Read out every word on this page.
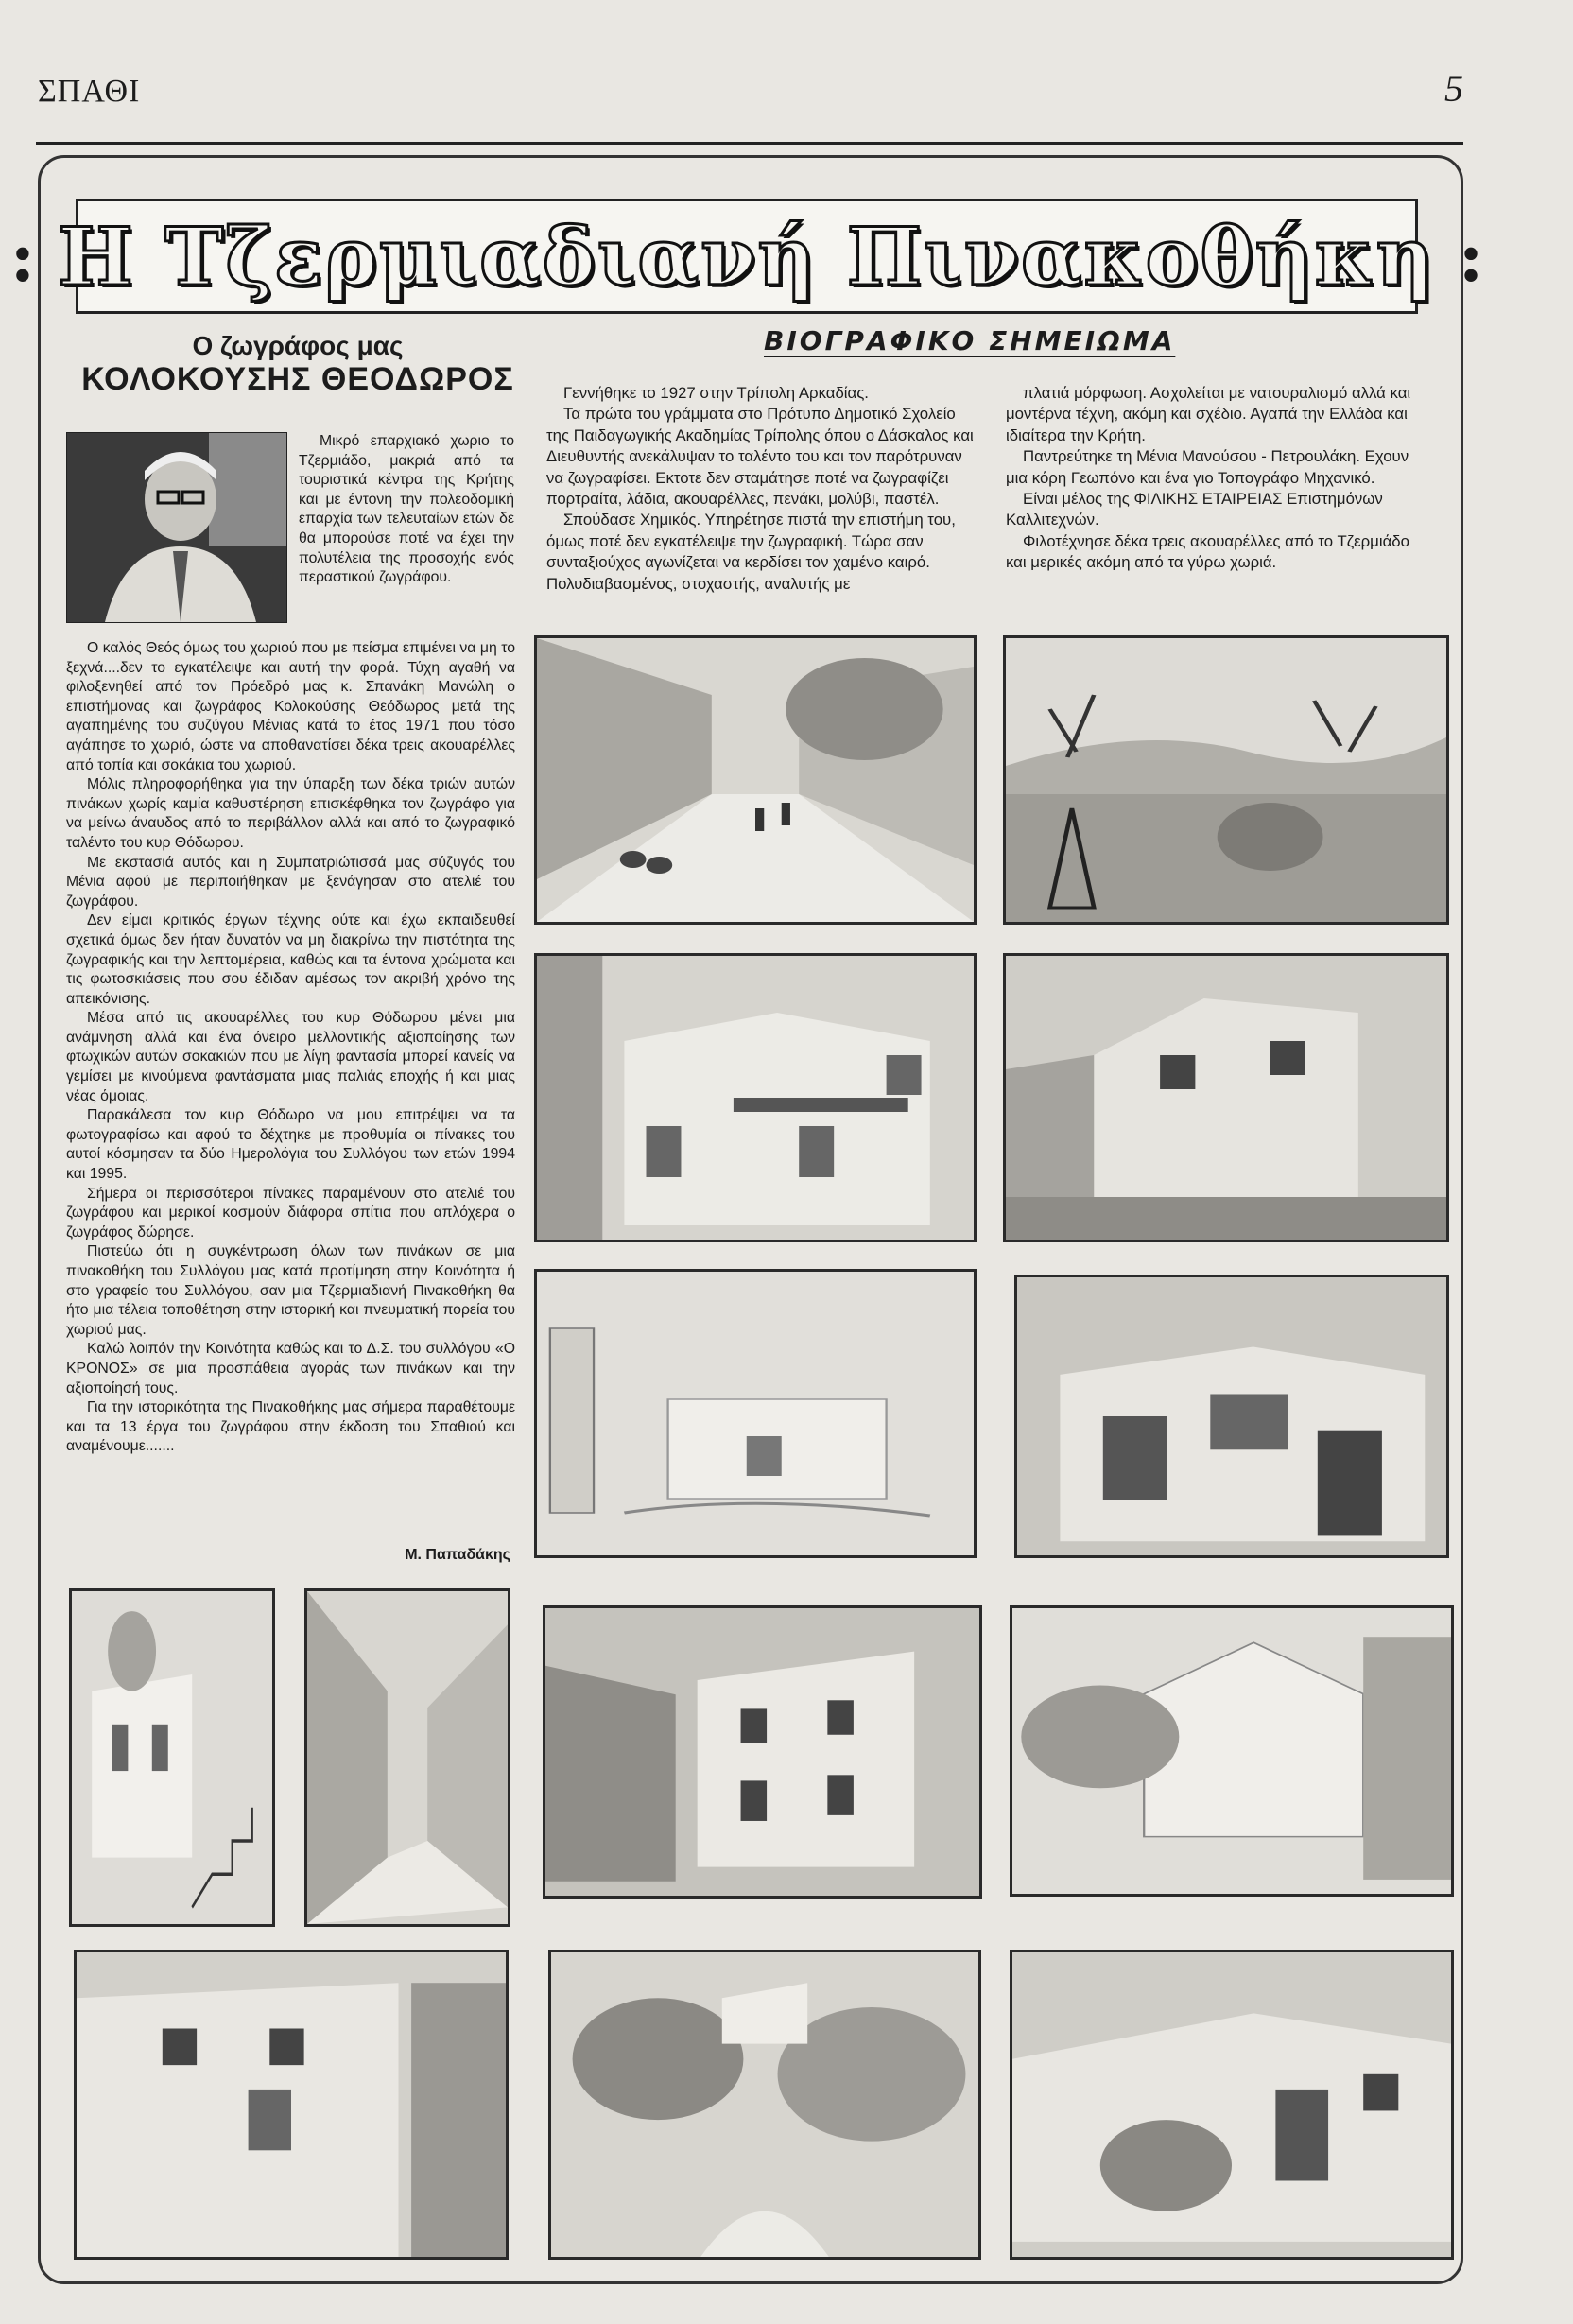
ΣΠΑΘΙ	5
: Η Τζερμιαδιανή Πινακοθήκη :
Ο ζωγράφος μας
ΚΟΛΟΚΟΥΣΗΣ ΘΕΟΔΩΡΟΣ

Μικρό επαρχιακό χωριο το Τζερμιάδο, μακριά από τα τουριστικά κέντρα της Κρήτης και με έντονη την πολεοδομική επαρχία των τελευταίων ετών δε θα μπορούσε ποτέ να έχει την πολυτέλεια της προσοχής ενός περαστικού ζωγράφου.

Ο καλός Θεός όμως του χωριού που με πείσμα επιμένει να μη το ξεχνά....δεν το εγκατέλειψε και αυτή την φορά. Τύχη αγαθή να φιλοξενηθεί από τον Πρόεδρό μας κ. Σπανάκη Μανώλη ο επιστήμονας και ζωγράφος Κολοκούσης Θεόδωρος μετά της αγαπημένης του συζύγου Μένιας κατά το έτος 1971 που τόσο αγάπησε το χωριό, ώστε να αποθανατίσει δέκα τρεις ακουαρέλλες από τοπία και σοκάκια του χωριού.

Μόλις πληροφορήθηκα για την ύπαρξη των δέκα τριών αυτών πινάκων χωρίς καμία καθυστέρηση επισκέφθηκα τον ζωγράφο για να μείνω άναυδος από το περιβάλλον αλλά και από το ζωγραφικό ταλέντο του κυρ Θόδωρου.

Με εκστασιά αυτός και η Συμπατριώτισσά μας σύζυγός του Μένια αφού με περιποιήθηκαν με ξενάγησαν στο ατελιέ του ζωγράφου.

Δεν είμαι κριτικός έργων τέχνης ούτε και έχω εκπαιδευθεί σχετικά όμως δεν ήταν δυνατόν να μη διακρίνω την πιστότητα της ζωγραφικής και την λεπτομέρεια, καθώς και τα έντονα χρώματα και τις φωτοσκιάσεις που σου έδιδαν αμέσως τον ακριβή χρόνο της απεικόνισης.

Μέσα από τις ακουαρέλλες του κυρ Θόδωρου μένει μια ανάμνηση αλλά και ένα όνειρο μελλοντικής αξιοποίησης των φτωχικών αυτών σοκακιών που με λίγη φαντασία μπορεί κανείς να γεμίσει με κινούμενα φαντάσματα μιας παλιάς εποχής ή και μιας νέας όμοιας.

Παρακάλεσα τον κυρ Θόδωρο να μου επιτρέψει να τα φωτογραφίσω και αφού το δέχτηκε με προθυμία οι πίνακες του αυτοί κόσμησαν τα δύο Ημερολόγια του Συλλόγου των ετών 1994 και 1995.

Σήμερα οι περισσότεροι πίνακες παραμένουν στο ατελιέ του ζωγράφου και μερικοί κοσμούν διάφορα σπίτια που απλόχερα ο ζωγράφος δώρησε.

Πιστεύω ότι η συγκέντρωση όλων των πινάκων σε μια πινακοθήκη του Συλλόγου μας κατά προτίμηση στην Κοινότητα ή στο γραφείο του Συλλόγου, σαν μια Τζερμιαδιανή Πινακοθήκη θα ήτο μια τέλεια τοποθέτηση στην ιστορική και πνευματική πορεία του χωριού μας.

Καλώ λοιπόν την Κοινότητα καθώς και το Δ.Σ. του συλλόγου «Ο ΚΡΟΝΟΣ» σε μια προσπάθεια αγοράς των πινάκων και την αξιοποίησή τους.

Για την ιστορικότητα της Πινακοθήκης μας σήμερα παραθέτουμε και τα 13 έργα του ζωγράφου στην έκδοση του Σπαθιού και αναμένουμε.......

Μ. Παπαδάκης
ΒΙΟΓΡΑΦΙΚΟ ΣΗΜΕΙΩΜΑ

Γεννήθηκε το 1927 στην Τρίπολη Αρκαδίας.

Τα πρώτα του γράμματα στο Πρότυπο Δημοτικό Σχολείο της Παιδαγωγικής Ακαδημίας Τρίπολης όπου ο Δάσκαλος και Διευθυντής ανεκάλυψαν το ταλέντο του και τον παρότρυναν να ζωγραφίσει. Εκτοτε δεν σταμάτησε ποτέ να ζωγραφίζει πορτραίτα, λάδια, ακουαρέλλες, πενάκι, μολύβι, παστέλ.

Σπούδασε Χημικός. Υπηρέτησε πιστά την επιστήμη του, όμως ποτέ δεν εγκατέλειψε την ζωγραφική. Τώρα σαν συνταξιούχος αγωνίζεται να κερδίσει τον χαμένο καιρό. Πολυδιαβασμένος, στοχαστής, αναλυτής με

πλατιά μόρφωση. Ασχολείται με νατουραλισμό αλλά και μοντέρνα τέχνη, ακόμη και σχέδιο. Αγαπά την Ελλάδα και ιδιαίτερα την Κρήτη.

Παντρεύτηκε τη Μένια Μανούσου - Πετρουλάκη. Εχουν μια κόρη Γεωπόνο και ένα γιο Τοπογράφο Μηχανικό.

Είναι μέλος της ΦΙΛΙΚΗΣ ΕΤΑΙΡΕΙΑΣ Επιστημόνων Καλλιτεχνών.

Φιλοτέχνησε δέκα τρεις ακουαρέλλες από το Τζερμιάδο και μερικές ακόμη από τα γύρω χωριά.
